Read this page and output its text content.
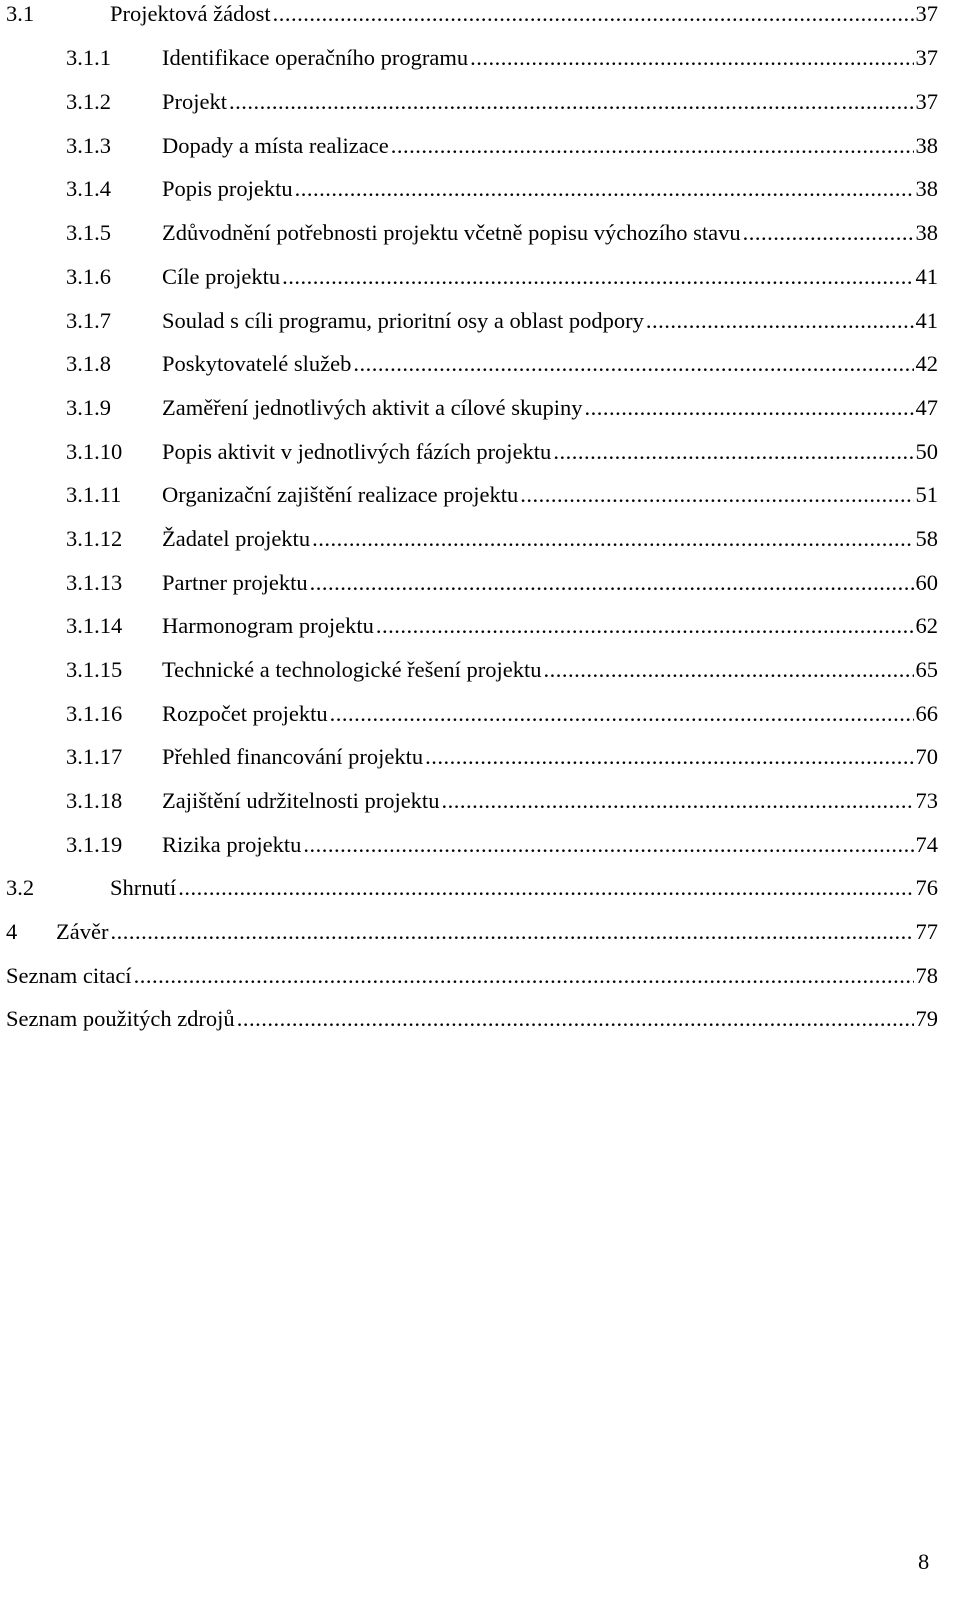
3.1	Projektová žádost .....	37
3.1.1	Identifikace operačního programu .....	37
3.1.2	Projekt .....	37
3.1.3	Dopady a místa realizace .....	38
3.1.4	Popis projektu .....	38
3.1.5	Zdůvodnění potřebnosti projektu včetně popisu výchozího stavu .....	38
3.1.6	Cíle projektu .....	41
3.1.7	Soulad s cíli programu, prioritní osy a oblast podpory .....	41
3.1.8	Poskytovatelé služeb .....	42
3.1.9	Zaměření jednotlivých aktivit a cílové skupiny .....	47
3.1.10	Popis aktivit v jednotlivých fázích projektu .....	50
3.1.11	Organizační zajištění realizace projektu .....	51
3.1.12	Žadatel projektu .....	58
3.1.13	Partner projektu .....	60
3.1.14	Harmonogram projektu .....	62
3.1.15	Technické a technologické řešení projektu .....	65
3.1.16	Rozpočet projektu .....	66
3.1.17	Přehled financování projektu .....	70
3.1.18	Zajištění udržitelnosti projektu .....	73
3.1.19	Rizika projektu .....	74
3.2	Shrnutí .....	76
4	Závěr .....	77
Seznam citací .....	78
Seznam použitých zdrojů .....	79
8
